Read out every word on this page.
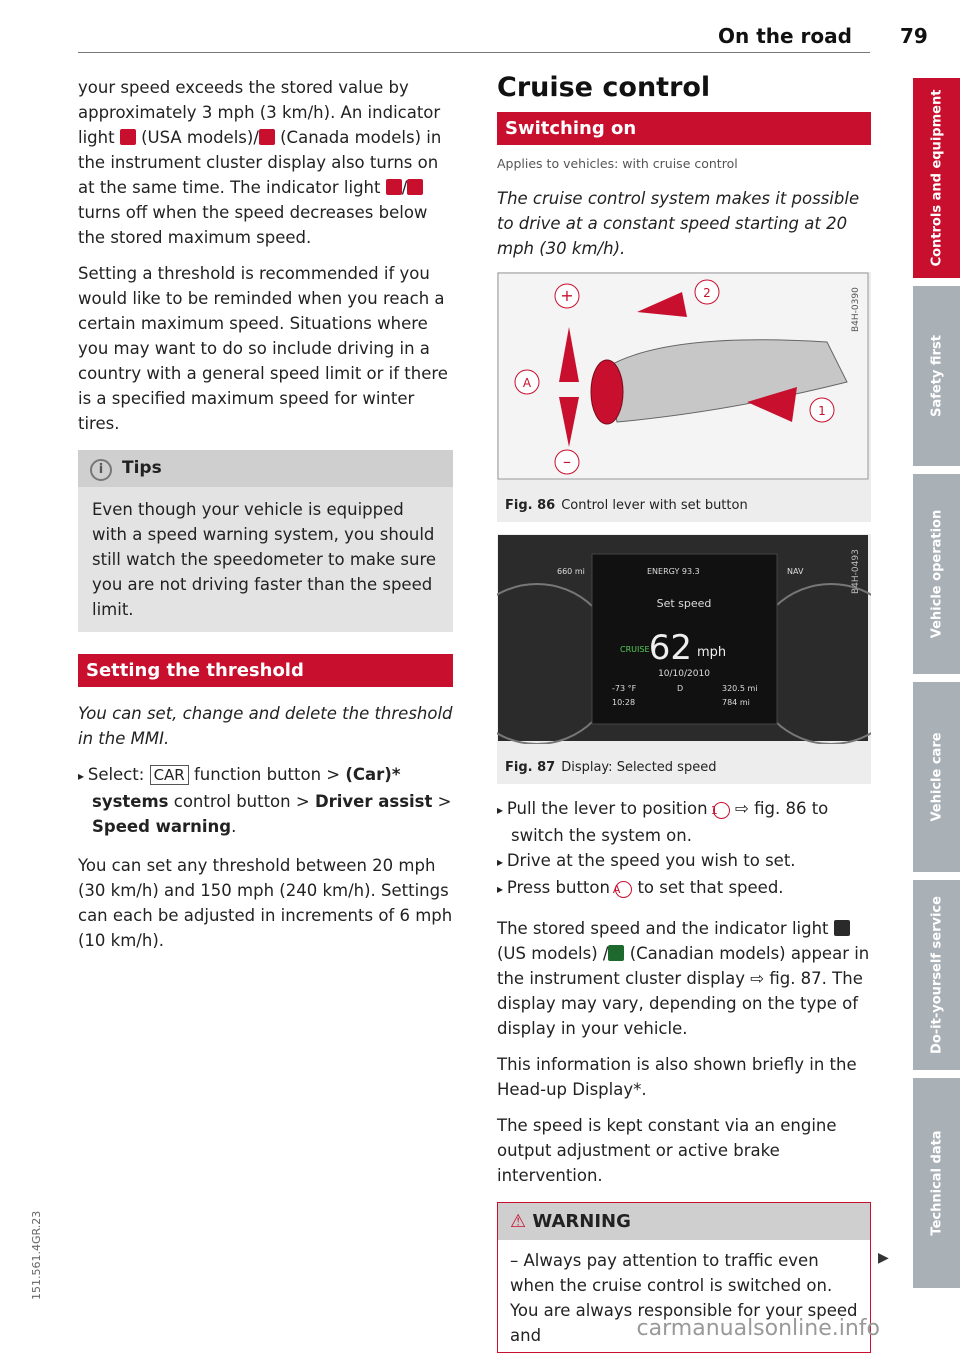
On the road 79

your speed exceeds the stored value by approximately 3 mph (3 km/h). An indicator light (USA models)/ (Canada models) in the instrument cluster display also turns on at the same time. The indicator light / turns off when the speed decreases below the stored maximum speed.

Setting a threshold is recommended if you would like to be reminded when you reach a certain maximum speed. Situations where you may want to do so include driving in a country with a general speed limit or if there is a specified maximum speed for winter tires.

i Tips
Even though your vehicle is equipped with a speed warning system, you should still watch the speedometer to make sure you are not driving faster than the speed limit.
Setting the threshold

You can set, change and delete the threshold in the MMI.

▸ Select: CAR function button > (Car)* systems control button > Driver assist > Speed warning.

You can set any threshold between 20 mph (30 km/h) and 150 mph (240 km/h). Settings can each be adjusted in increments of 6 mph (10 km/h).

Cruise control
Switching on
Applies to vehicles: with cruise control

The cruise control system makes it possible to drive at a constant speed starting at 20 mph (30 km/h).

+
–
A
2
1
B4H-0390
Fig. 86 Control lever with set button
660 mi	ENERGY 93.3	NAV
Set speed
62 mph
CRUISE
10/10/2010
-73 °F	D	320.5 mi
10:28	784 mi
B4H-0493
Fig. 87 Display: Selected speed

▸ Pull the lever to position 1 ⇨ fig. 86 to switch the system on.

▸ Drive at the speed you wish to set.

▸ Press button A to set that speed.

The stored speed and the indicator light  (US models) / (Canadian models) appear in the instrument cluster display ⇨ fig. 87. The display may vary, depending on the type of display in your vehicle.

This information is also shown briefly in the Head-up Display*.

The speed is kept constant via an engine output adjustment or active brake intervention.

⚠ WARNING
– Always pay attention to traffic even when the cruise control is switched on. You are always responsible for your speed and
▶
Controls and equipment
Safety first
Vehicle operation
Vehicle care
Do-it-yourself service
Technical data
151.561.4GR.23
carmanualsonline.info
